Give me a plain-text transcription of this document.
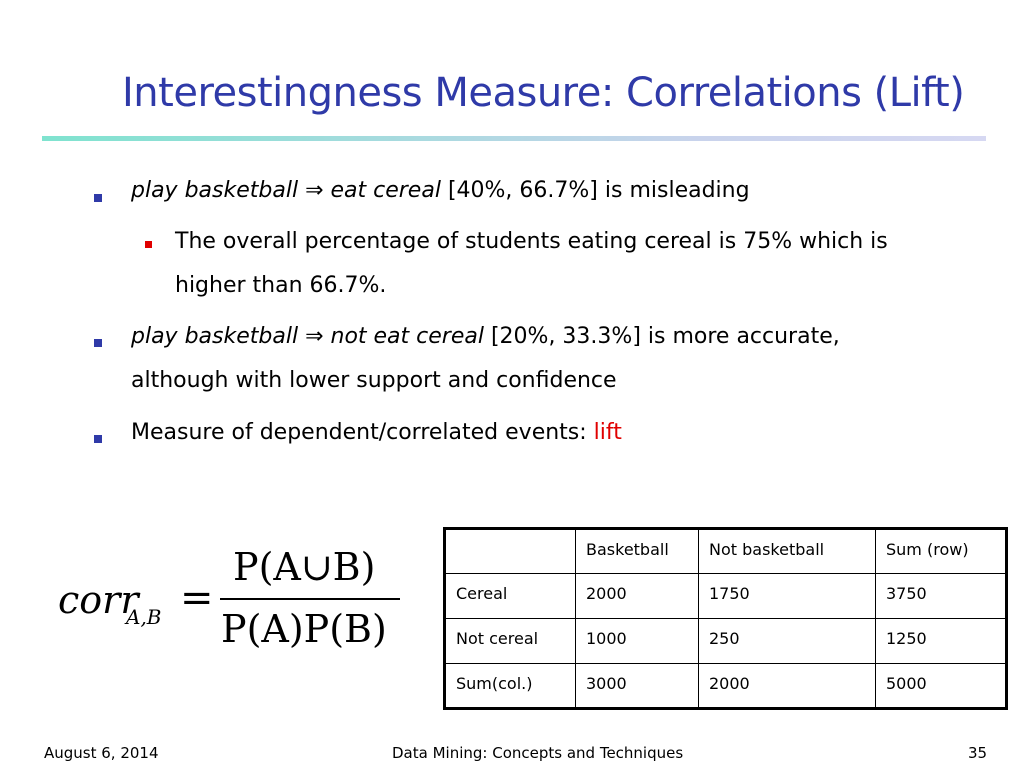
Interestingness Measure: Correlations (Lift)
play basketball ⇒ eat cereal [40%, 66.7%] is misleading
The overall percentage of students eating cereal is 75% which is
higher than 66.7%.
play basketball ⇒ not eat cereal [20%, 33.3%] is more accurate,
although with lower support and confidence
Measure of dependent/correlated events: lift
corr
A,B =
P(A∪B)
P(A)P(B)
	Basketball	Not basketball	Sum (row)
Cereal	2000	1750	3750
Not cereal	1000	250	1250
Sum(col.)	3000	2000	5000
August 6, 2014	Data Mining: Concepts and Techniques	35
